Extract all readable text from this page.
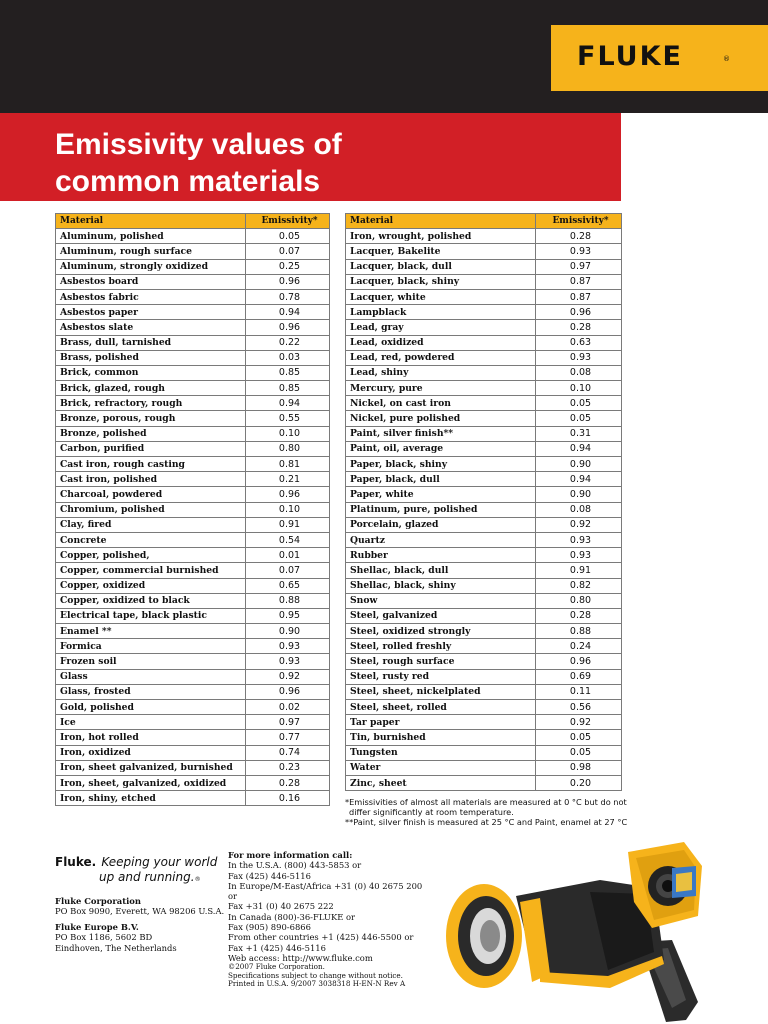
FLUKE	®
Emissivity values of
common materials
Material	Emissivity*
Aluminum, polished	0.05
Aluminum, rough surface	0.07
Aluminum, strongly oxidized	0.25
Asbestos board	0.96
Asbestos fabric	0.78
Asbestos paper	0.94
Asbestos slate	0.96
Brass, dull, tarnished	0.22
Brass, polished	0.03
Brick, common	0.85
Brick, glazed, rough	0.85
Brick, refractory, rough	0.94
Bronze, porous, rough	0.55
Bronze, polished	0.10
Carbon, purified	0.80
Cast iron, rough casting	0.81
Cast iron, polished	0.21
Charcoal, powdered	0.96
Chromium, polished	0.10
Clay, fired	0.91
Concrete	0.54
Copper, polished,	0.01
Copper, commercial burnished	0.07
Copper, oxidized	0.65
Copper, oxidized to black	0.88
Electrical tape, black plastic	0.95
Enamel **	0.90
Formica	0.93
Frozen soil	0.93
Glass	0.92
Glass, frosted	0.96
Gold, polished	0.02
Ice	0.97
Iron, hot rolled	0.77
Iron, oxidized	0.74
Iron, sheet galvanized, burnished	0.23
Iron, sheet, galvanized, oxidized	0.28
Iron, shiny, etched	0.16
Material	Emissivity*
Iron, wrought, polished	0.28
Lacquer, Bakelite	0.93
Lacquer, black, dull	0.97
Lacquer, black, shiny	0.87
Lacquer, white	0.87
Lampblack	0.96
Lead, gray	0.28
Lead, oxidized	0.63
Lead, red, powdered	0.93
Lead, shiny	0.08
Mercury, pure	0.10
Nickel, on cast iron	0.05
Nickel, pure polished	0.05
Paint, silver finish**	0.31
Paint, oil, average	0.94
Paper, black, shiny	0.90
Paper, black, dull	0.94
Paper, white	0.90
Platinum, pure, polished	0.08
Porcelain, glazed	0.92
Quartz	0.93
Rubber	0.93
Shellac, black, dull	0.91
Shellac, black, shiny	0.82
Snow	0.80
Steel, galvanized	0.28
Steel, oxidized strongly	0.88
Steel, rolled freshly	0.24
Steel, rough surface	0.96
Steel, rusty red	0.69
Steel, sheet, nickelplated	0.11
Steel, sheet, rolled	0.56
Tar paper	0.92
Tin, burnished	0.05
Tungsten	0.05
Water	0.98
Zinc, sheet	0.20

*Emissivities of almost all materials are measured at 0 °C but do not

differ significantly at room temperature.

**Paint, silver finish is measured at 25 °C and Paint, enamel at 27 °C

Fluke. Keeping your world
up and running.®
Fluke Corporation
PO Box 9090, Everett, WA 98206 U.S.A.
Fluke Europe B.V.
PO Box 1186, 5602 BD
Eindhoven, The Netherlands
For more information call:
In the U.S.A. (800) 443-5853 or
Fax (425) 446-5116
In Europe/M-East/Africa +31 (0) 40 2675 200 or
Fax +31 (0) 40 2675 222
In Canada (800)-36-FLUKE or
Fax (905) 890-6866
From other countries +1 (425) 446-5500 or
Fax +1 (425) 446-5116
Web access: http://www.fluke.com
©2007 Fluke Corporation.
Specifications subject to change without notice.
Printed in U.S.A. 9/2007 3038318 H-EN-N Rev A
